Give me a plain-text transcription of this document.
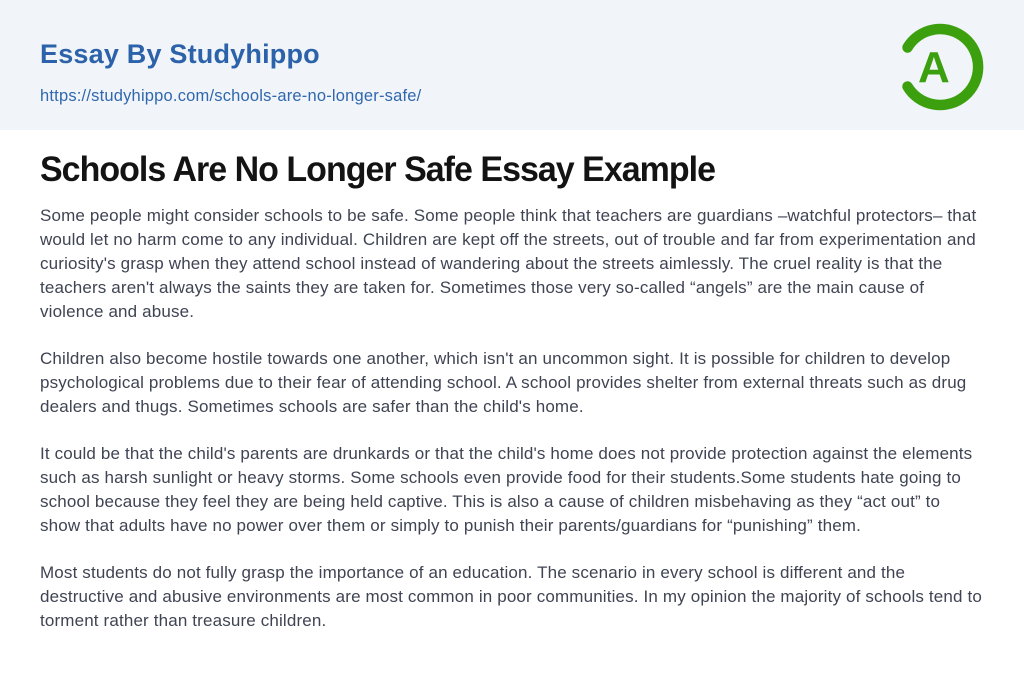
Essay By Studyhippo
https://studyhippo.com/schools-are-no-longer-safe/
A
Schools Are No Longer Safe Essay Example

Some people might consider schools to be safe. Some people think that teachers are guardians –watchful protectors– that would let no harm come to any individual. Children are kept off the streets, out of trouble and far from experimentation and curiosity's grasp when they attend school instead of wandering about the streets aimlessly. The cruel reality is that the teachers aren't always the saints they are taken for. Sometimes those very so-called “angels” are the main cause of violence and abuse.

Children also become hostile towards one another, which isn't an uncommon sight. It is possible for children to develop psychological problems due to their fear of attending school. A school provides shelter from external threats such as drug dealers and thugs. Sometimes schools are safer than the child's home.

It could be that the child's parents are drunkards or that the child's home does not provide protection against the elements such as harsh sunlight or heavy storms. Some schools even provide food for their students.Some students hate going to school because they feel they are being held captive. This is also a cause of children misbehaving as they “act out” to show that adults have no power over them or simply to punish their parents/guardians for “punishing” them.

Most students do not fully grasp the importance of an education. The scenario in every school is different and the destructive and abusive environments are most common in poor communities. In my opinion the majority of schools tend to torment rather than treasure children.
